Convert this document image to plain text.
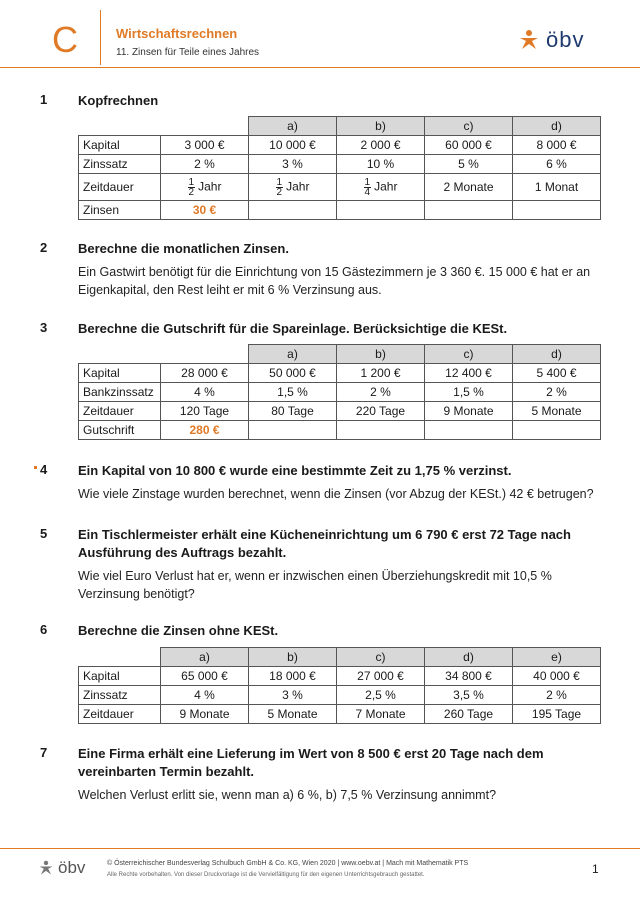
C	Wirtschaftsrechnen
11. Zinsen für Teile eines Jahres
öbv
1 Kopfrechnen
		a)	b)	c)	d)
Kapital	3 000 €	10 000 €	2 000 €	60 000 €	8 000 €
Zinssatz	2 %	3 %	10 %	5 %	6 %
Zeitdauer	$\frac{1}{2}$ Jahr	$\frac{1}{2}$ Jahr	$\frac{1}{4}$ Jahr	2 Monate	1 Monat
Zinsen	30 €				
2 Berechne die monatlichen Zinsen.
Ein Gastwirt benötigt für die Einrichtung von 15 Gästezimmern je 3 360 €. 15 000 € hat er an Eigenkapital, den Rest leiht er mit 6 % Verzinsung aus.
3 Berechne die Gutschrift für die Spareinlage. Berücksichtige die KESt.
		a)	b)	c)	d)
Kapital	28 000 €	50 000 €	1 200 €	12 400 €	5 400 €
Bankzinssatz	4 %	1,5 %	2 %	1,5 %	2 %
Zeitdauer	120 Tage	80 Tage	220 Tage	9 Monate	5 Monate
Gutschrift	280 €				
4 Ein Kapital von 10 800 € wurde eine bestimmte Zeit zu 1,75 % verzinst.
Wie viele Zinstage wurden berechnet, wenn die Zinsen (vor Abzug der KESt.) 42 € betrugen?
5 Ein Tischlermeister erhält eine Kücheneinrichtung um 6 790 € erst 72 Tage nach Ausführung des Auftrags bezahlt.
Wie viel Euro Verlust hat er, wenn er inzwischen einen Überziehungskredit mit 10,5 % Verzinsung benötigt?
6 Berechne die Zinsen ohne KESt.
	a)	b)	c)	d)	e)
Kapital	65 000 €	18 000 €	27 000 €	34 800 €	40 000 €
Zinssatz	4 %	3 %	2,5 %	3,5 %	2 %
Zeitdauer	9 Monate	5 Monate	7 Monate	260 Tage	195 Tage
7 Eine Firma erhält eine Lieferung im Wert von 8 500 € erst 20 Tage nach dem vereinbarten Termin bezahlt.
Welchen Verlust erlitt sie, wenn man a) 6 %, b) 7,5 % Verzinsung annimmt?
öbv	© Österreichischer Bundesverlag Schulbuch GmbH & Co. KG, Wien 2020 | www.oebv.at | Mach mit Mathematik PTS
Alle Rechte vorbehalten. Von dieser Druckvorlage ist die Vervielfältigung für den eigenen Unterrichtsgebrauch gestattet.	1
